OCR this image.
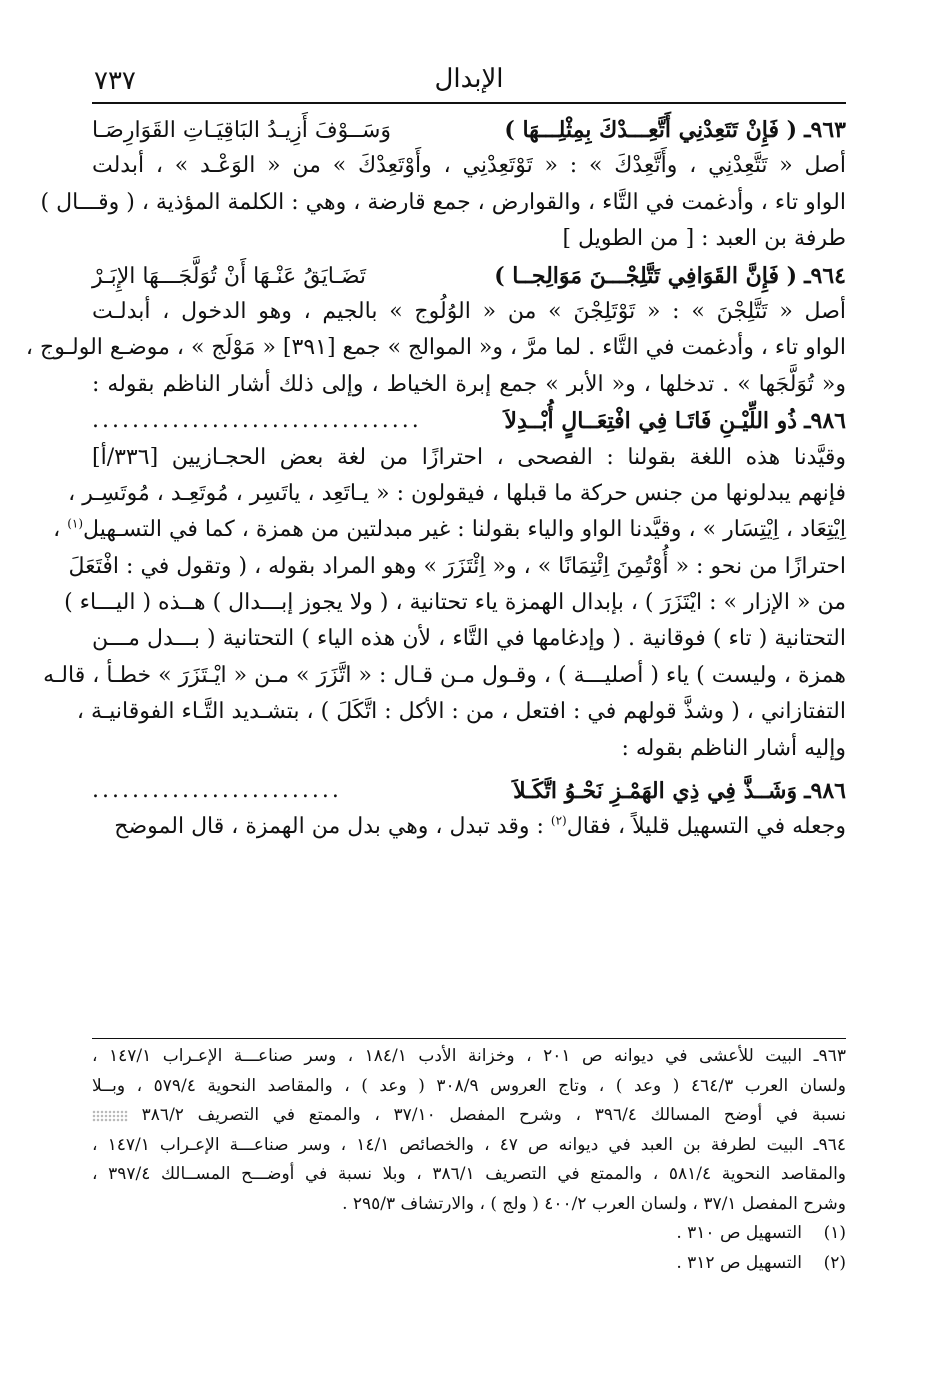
٧٣٧	الإبدال
٩٦٣ـ ( فَإِنْ تَتَعِدْنِي أَتَّعِـــدْكَ بِمِثْلِـــهَا )
وَسَــوْفَ أَزِيـدُ البَاقِيَـاتِ القَوَارِصَـا
أصل « تَتَّعِدْنِي ، وأَتَّعِدْكَ » : « تَوْتَعِدْنِي ، وأَوْتَعِدْكَ » من « الوَعْـد » ، أبدلت
الواو تاء ، وأدغمت في التَّاء ، والقوارض ، جمع قارضة ، وهي : الكلمة المؤذية ، ( وقـــال )
طرفة بن العبد : [ من الطويل ]
٩٦٤ـ ( فَإِنَّ القَوَافِي تَتَّلِجْـــنَ مَوَالِجــا )
تَضَـايَقُ عَنْـهَا أَنْ تُوَلَّجَـــهَا الإِبَـرْ
أصل « تَتَّلِجْنَ » : « تَوْتَلِجْنَ » من « الوُلُوج » بالجيم ، وهو الدخول ، أبدلـت
الواو تاء ، وأدغمت في التَّاء . لما مرَّ ، و« الموالج » جمع [٣٩١] « مَوْلَج » ، موضـع الولـوج ،
و« تُوَلَّجَها » . تدخلها ، و« الأبر » جمع إبرة الخياط ، وإلى ذلك أشار الناظم بقوله :
٩٨٦ـ ذُو اللِّيْـنِ فَاتَـا فِي افْتِعَــالٍ أُبْــدِلاَ
.................................
وقيَّدنا هذه اللغة بقولنا : الفصحى ، احترازًا من لغة بعض الحجـازيين [٣٣٦/أ]
فإنهم يبدلونها من جنس حركة ما قبلها ، فيقولون : « يـاتَعِد ، ياتَسِر ، مُوتَعِـد ، مُوتَسِـر ،
اِيْتِعَاد ، اِيْتِسَار » ، وقيَّدنا الواو والياء بقولنا : غير مبدلتين من همزة ، كما في التسـهيل$^{(١)}$ ،
احترازًا من نحو : « أُوْتُمِنَ اِئْتِمَانًا » ، و« اِئْتَزَرَ » وهو المراد بقوله ، ( وتقول في : افْتَعَلَ
من « الإزار » : ايْتَزَرَ ) ، بإبدال الهمزة ياء تحتانية ، ( ولا يجوز إبـــدال ) هــذه ( اليـــاء )
التحتانية ( تاء ) فوقانية . ( وإدغامها في التَّاء ، لأن هذه الياء ) التحتانية ( بـــدل مـــن
همزة ، وليست ) ياء ( أصليـــة ) ، وقـول مـن قـال : « اتَّزَرَ » مـن « ايْـتَزَرَ » خطـأ ، قالـه
التفتازاني ، ( وشذَّ قولهم في : افتعل ، من : الأكل : اتَّكَلَ ) ، بتشـديد التَّـاء الفوقانيـة ،
وإليه أشار الناظم بقوله :
٩٨٦ـ وَشَــذَّ فِي ذِي الهَمْـزِ نَحْـوُ اتَّكَـلاَ
.........................
وجعله في التسهيل قليلاً ، فقال$^{(٢)}$ : وقد تبدل ، وهي بدل من الهمزة ، قال الموضح
٩٦٣ـ البيت للأعشى في ديوانه ص ٢٠١ ، وخزانة الأدب ١٨٤/١ ، وسر صناعـــة الإعـراب ١٤٧/١ ،
ولسان العرب ٤٦٤/٣ ( وعد ) ، وتاج العروس ٣٠٨/٩ ( وعد ) ، والمقاصد النحوية ٥٧٩/٤ ، وبــلا
نسبة في أوضح المسالك ٣٩٦/٤ ، وشرح المفصل ٣٧/١٠ ، والممتع في التصريف ٣٨٦/٢
٩٦٤ـ البيت لطرفة بن العبد في ديوانه ص ٤٧ ، والخصائص ١٤/١ ، وسر صناعـــة الإعـراب ١٤٧/١ ،
والمقاصد النحوية ٥٨١/٤ ، والممتع في التصريف ٣٨٦/١ ، وبلا نسبة في أوضـــح المســالك ٣٩٧/٤ ،
وشرح المفصل ٣٧/١ ، ولسان العرب ٤٠٠/٢ ( ولج ) ، والارتشاف ٢٩٥/٣ .
(١)    التسهيل ص ٣١٠ .
(٢)    التسهيل ص ٣١٢ .
